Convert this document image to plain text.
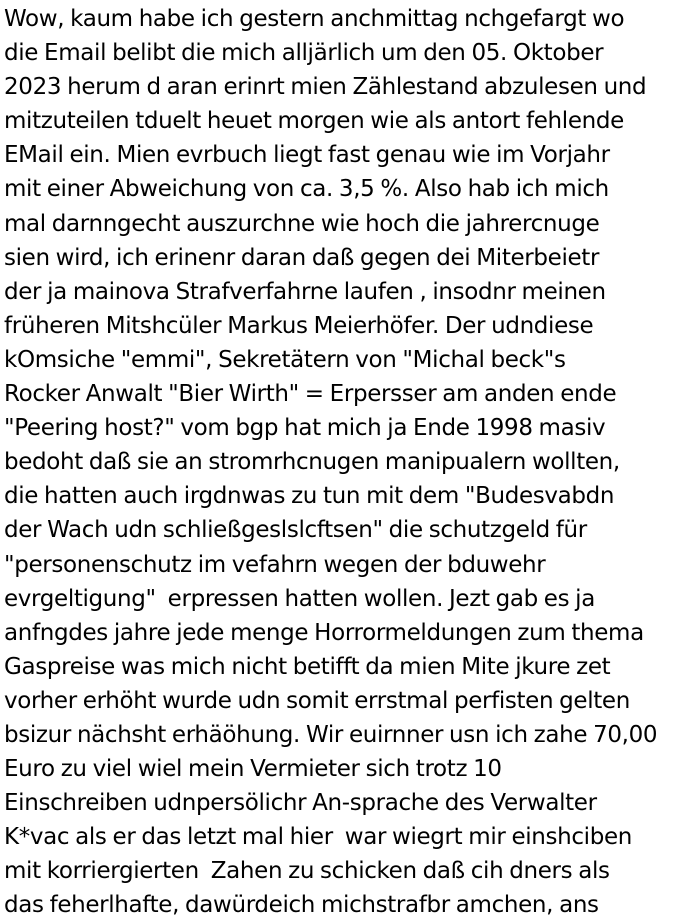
Wow, kaum habe ich gestern anchmittag nchgefargt wo
die Email belibt die mich alljärlich um den 05. Oktober
2023 herum d aran erinrt mien Zählestand abzulesen und
mitzuteilen tduelt heuet morgen wie als antort fehlende
EMail ein. Mien evrbuch liegt fast genau wie im Vorjahr
mit einer Abweichung von ca. 3,5 %. Also hab ich mich
mal darnngecht auszurchne wie hoch die jahrercnuge
sien wird, ich erinenr daran daß gegen dei Miterbeietr
der ja mainova Strafverfahrne laufen , insodnr meinen
früheren Mitshcüler Markus Meierhöfer. Der udndiese
kOmsiche "emmi", Sekretätern von "Michal beck"s
Rocker Anwalt "Bier Wirth" = Erpersser am anden ende
"Peering host?" vom bgp hat mich ja Ende 1998 masiv
bedoht daß sie an stromrhcnugen manipualern wollten,
die hatten auch irgdnwas zu tun mit dem "Budesvabdn
der Wach udn schließgeslslcftsen" die schutzgeld für
"personenschutz im vefahrn wegen der bduwehr
evrgeltigung"  erpressen hatten wollen. Jezt gab es ja
anfngdes jahre jede menge Horrormeldungen zum thema
Gaspreise was mich nicht betifft da mien Mite jkure zet
vorher erhöht wurde udn somit errstmal perfisten gelten
bsizur nächsht erhäöhung. Wir euirnner usn ich zahe 70,00
Euro zu viel wiel mein Vermieter sich trotz 10
Einschreiben udnpersölichr An-sprache des Verwalter
K*vac als er das letzt mal hier  war wiegrt mir einshciben
mit korriergierten  Zahen zu schicken daß cih dners als
das feherlhafte, dawürdeich michstrafbr amchen, ans
